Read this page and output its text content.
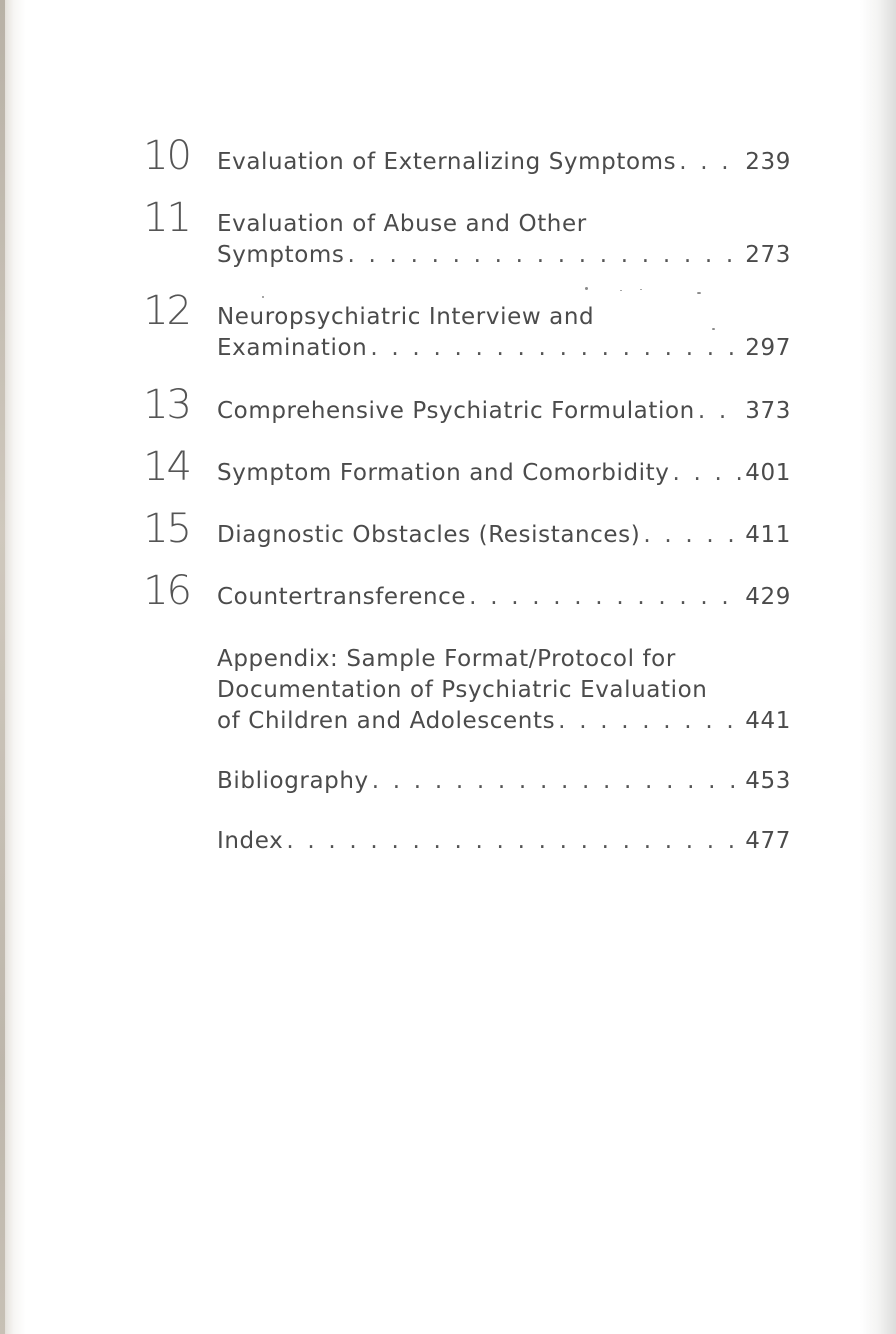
10 Evaluation of Externalizing Symptoms . . .	239
11 Evaluation of Abuse and Other
Symptoms . . .	273
12 Neuropsychiatric Interview and
Examination . . .	297
13 Comprehensive Psychiatric Formulation . . . 373
14 Symptom Formation and Comorbidity . . .	401
15 Diagnostic Obstacles (Resistances) . . .	411
16 Countertransference . . .	429
Appendix: Sample Format/Protocol for
Documentation of Psychiatric Evaluation
of Children and Adolescents . . .	441
Bibliography . . .	453
Index . . .	477
